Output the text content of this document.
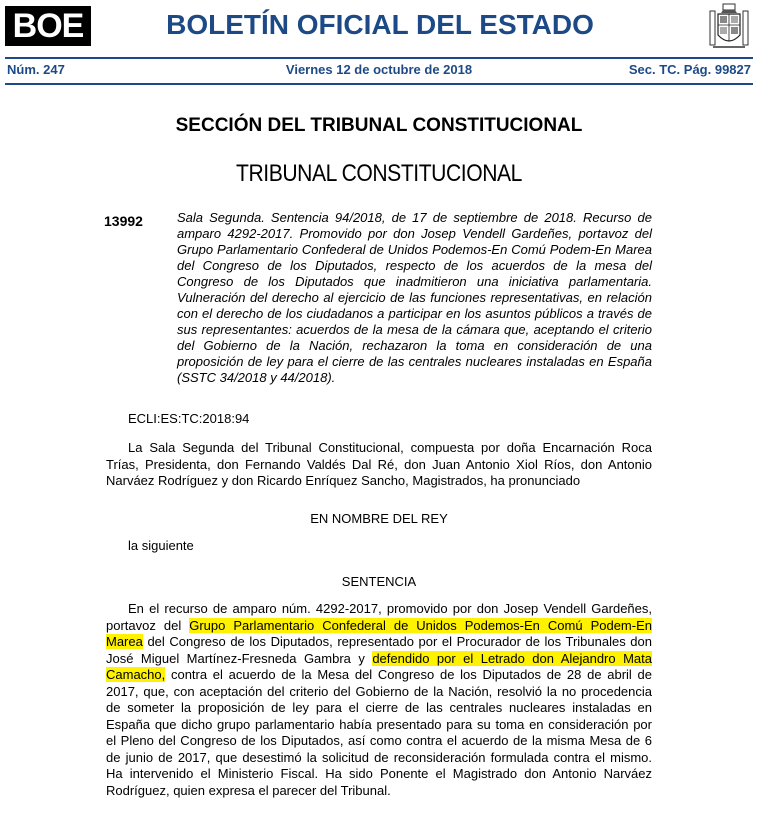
BOE	BOLETÍN OFICIAL DEL ESTADO
Núm. 247	Viernes 12 de octubre de 2018	Sec. TC. Pág. 99827
SECCIÓN DEL TRIBUNAL CONSTITUCIONAL
TRIBUNAL CONSTITUCIONAL
13992	Sala Segunda. Sentencia 94/2018, de 17 de septiembre de 2018. Recurso de amparo 4292-2017. Promovido por don Josep Vendell Gardeñes, portavoz del Grupo Parlamentario Confederal de Unidos Podemos-En Comú Podem-En Marea del Congreso de los Diputados, respecto de los acuerdos de la mesa del Congreso de los Diputados que inadmitieron una iniciativa parlamentaria. Vulneración del derecho al ejercicio de las funciones representativas, en relación con el derecho de los ciudadanos a participar en los asuntos públicos a través de sus representantes: acuerdos de la mesa de la cámara que, aceptando el criterio del Gobierno de la Nación, rechazaron la toma en consideración de una proposición de ley para el cierre de las centrales nucleares instaladas en España (SSTC 34/2018 y 44/2018).
ECLI:ES:TC:2018:94
La Sala Segunda del Tribunal Constitucional, compuesta por doña Encarnación Roca Trías, Presidenta, don Fernando Valdés Dal Ré, don Juan Antonio Xiol Ríos, don Antonio Narváez Rodríguez y don Ricardo Enríquez Sancho, Magistrados, ha pronunciado
EN NOMBRE DEL REY
la siguiente
SENTENCIA
En el recurso de amparo núm. 4292-2017, promovido por don Josep Vendell Gardeñes, portavoz del Grupo Parlamentario Confederal de Unidos Podemos-En Comú Podem-En Marea del Congreso de los Diputados, representado por el Procurador de los Tribunales don José Miguel Martínez-Fresneda Gambra y defendido por el Letrado don Alejandro Mata Camacho, contra el acuerdo de la Mesa del Congreso de los Diputados de 28 de abril de 2017, que, con aceptación del criterio del Gobierno de la Nación, resolvió la no procedencia de someter la proposición de ley para el cierre de las centrales nucleares instaladas en España que dicho grupo parlamentario había presentado para su toma en consideración por el Pleno del Congreso de los Diputados, así como contra el acuerdo de la misma Mesa de 6 de junio de 2017, que desestimó la solicitud de reconsideración formulada contra el mismo. Ha intervenido el Ministerio Fiscal. Ha sido Ponente el Magistrado don Antonio Narváez Rodríguez, quien expresa el parecer del Tribunal.
